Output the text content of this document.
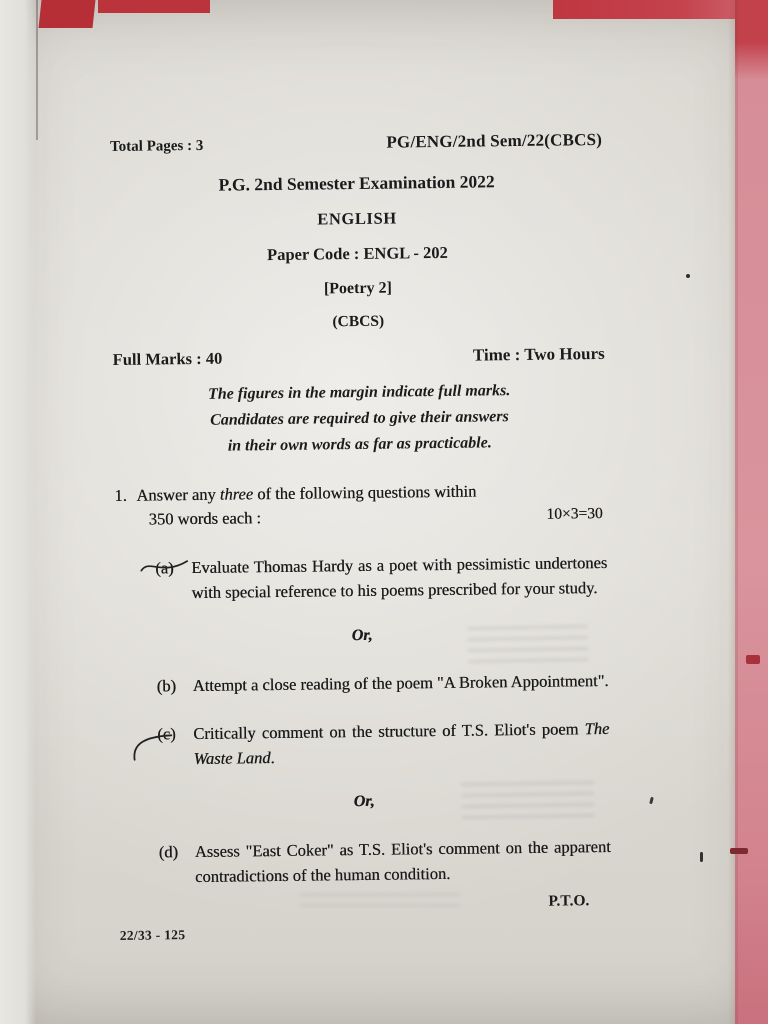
Total Pages : 3	PG/ENG/2nd Sem/22(CBCS)
P.G. 2nd Semester Examination 2022
ENGLISH
Paper Code : ENGL - 202
[Poetry 2]
(CBCS)
Full Marks : 40	Time : Two Hours
The figures in the margin indicate full marks.
Candidates are required to give their answers
in their own words as far as practicable.
1. Answer any three of the following questions within
350 words each :	10×3=30
(a)	Evaluate Thomas Hardy as a poet with pessimistic undertones with special reference to his poems prescribed for your study.
Or,
(b)	Attempt a close reading of the poem "A Broken Appointment".
(c)	Critically comment on the structure of T.S. Eliot's poem The Waste Land.
Or,
(d)	Assess "East Coker" as T.S. Eliot's comment on the apparent contradictions of the human condition.
P.T.O.
22/33 - 125
